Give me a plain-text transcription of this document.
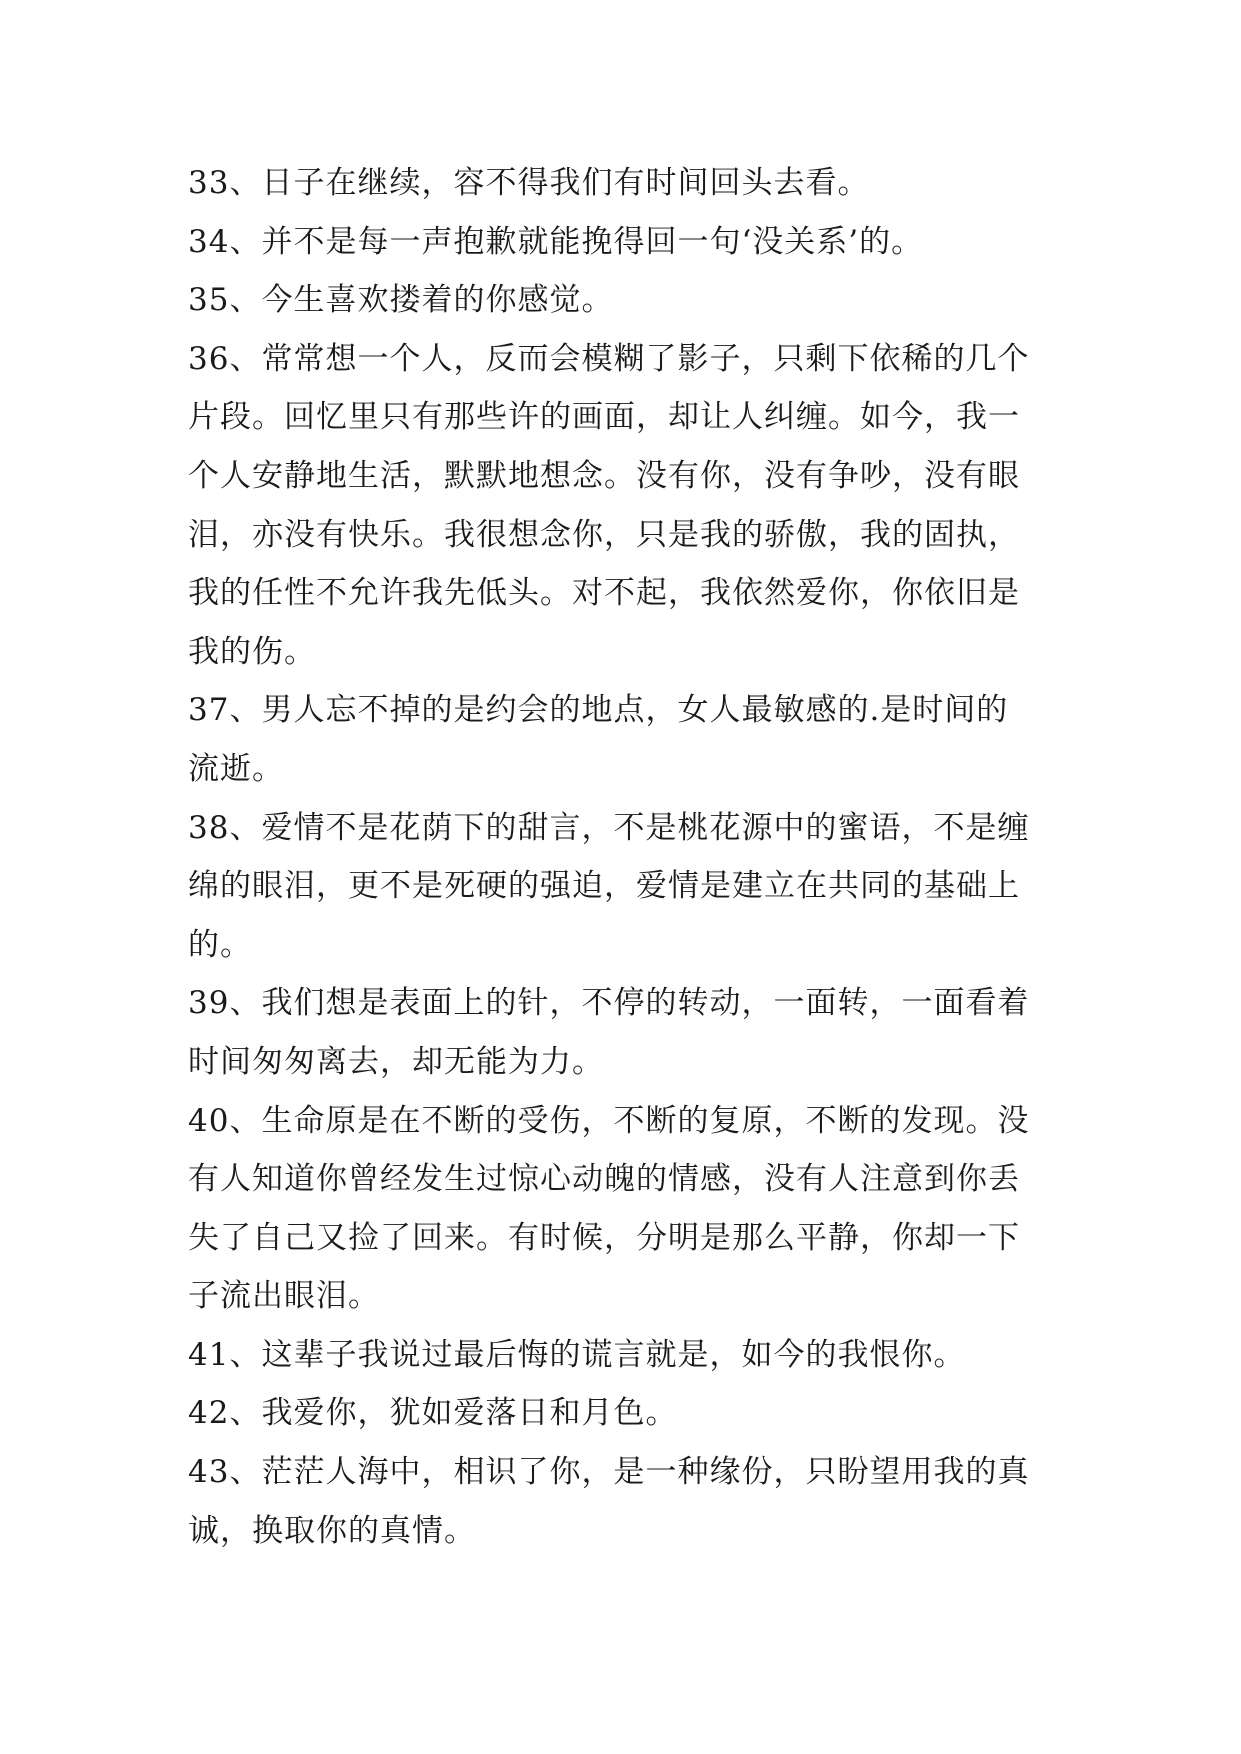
33、日子在继续，容不得我们有时间回头去看。
34、并不是每一声抱歉就能挽得回一句‘没关系’的。
35、今生喜欢搂着的你感觉。
36、常常想一个人，反而会模糊了影子，只剩下依稀的几个
片段。回忆里只有那些许的画面，却让人纠缠。如今，我一
个人安静地生活，默默地想念。没有你，没有争吵，没有眼
泪，亦没有快乐。我很想念你，只是我的骄傲，我的固执，
我的任性不允许我先低头。对不起，我依然爱你，你依旧是
我的伤。
37、男人忘不掉的是约会的地点，女人最敏感的.是时间的
流逝。
38、爱情不是花荫下的甜言，不是桃花源中的蜜语，不是缠
绵的眼泪，更不是死硬的强迫，爱情是建立在共同的基础上
的。
39、我们想是表面上的针，不停的转动，一面转，一面看着
时间匆匆离去，却无能为力。
40、生命原是在不断的受伤，不断的复原，不断的发现。没
有人知道你曾经发生过惊心动魄的情感，没有人注意到你丢
失了自己又捡了回来。有时候，分明是那么平静，你却一下
子流出眼泪。
41、这辈子我说过最后悔的谎言就是，如今的我恨你。
42、我爱你，犹如爱落日和月色。
43、茫茫人海中，相识了你，是一种缘份，只盼望用我的真
诚，换取你的真情。
